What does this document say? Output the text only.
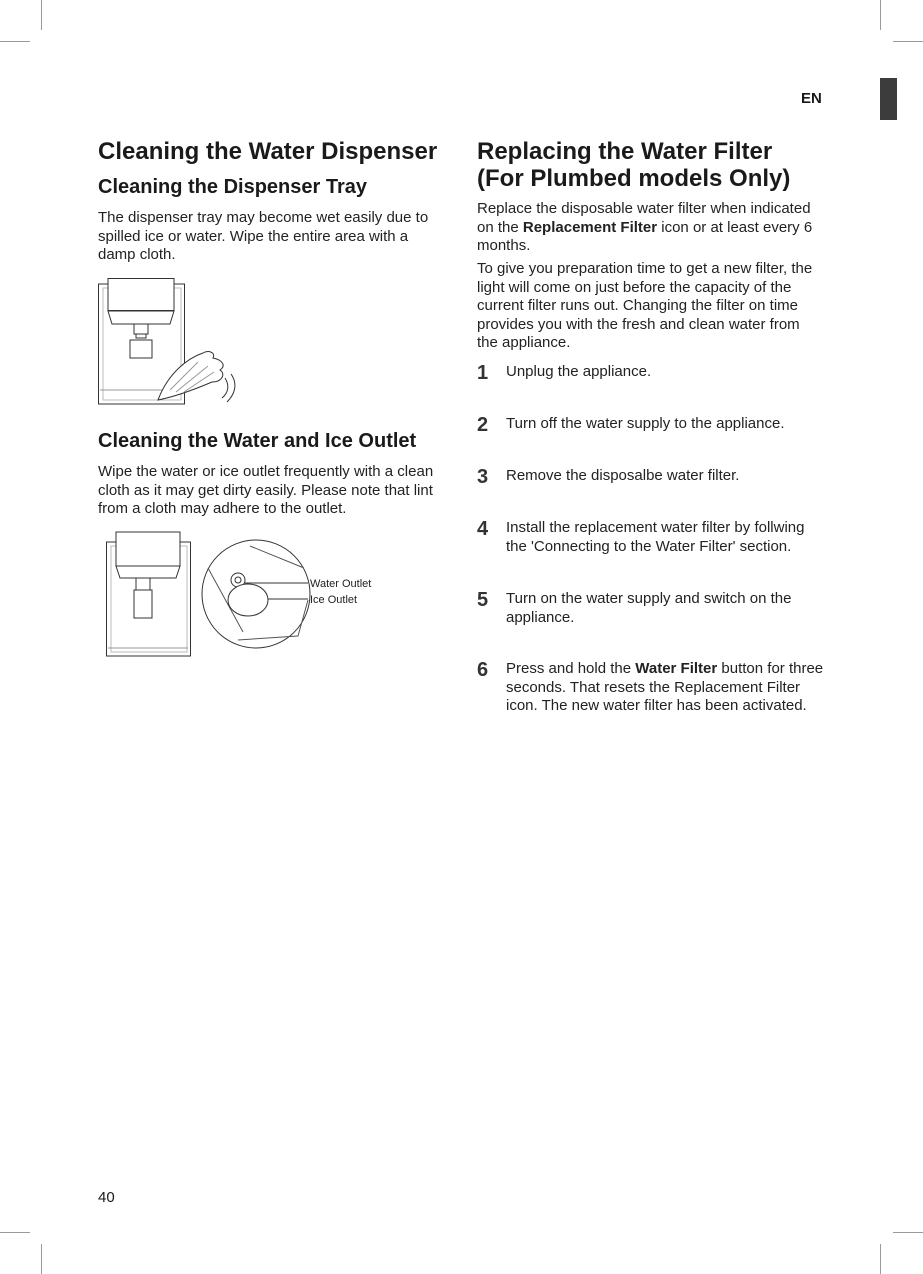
EN
Cleaning the Water Dispenser
Cleaning the Dispenser Tray

The dispenser tray may become wet easily due to spilled ice or water. Wipe the entire area with a damp cloth.

Cleaning the Water and Ice Outlet

Wipe the water or ice outlet frequently with a clean cloth as it may get dirty easily. Please note that lint from a cloth may adhere to the outlet.

Water Outlet
Ice Outlet
Replacing the Water Filter
(For Plumbed models Only)

Replace the disposable water filter when indicated on the Replacement Filter icon or at least every 6 months.

To give you preparation time to get a new filter, the light will come on just before the capacity of the current filter runs out. Changing the filter on time provides you with the fresh and clean water from the appliance.

1 Unplug the appliance.
2 Turn off the water supply to the appliance.
3 Remove the disposalbe water filter.
4 Install the replacement water filter by follwing the 'Connecting to the Water Filter' section.
5 Turn on the water supply and switch on the appliance.
6 Press and hold the Water Filter button for three seconds. That resets the Replacement Filter icon. The new water filter has been activated.
40
